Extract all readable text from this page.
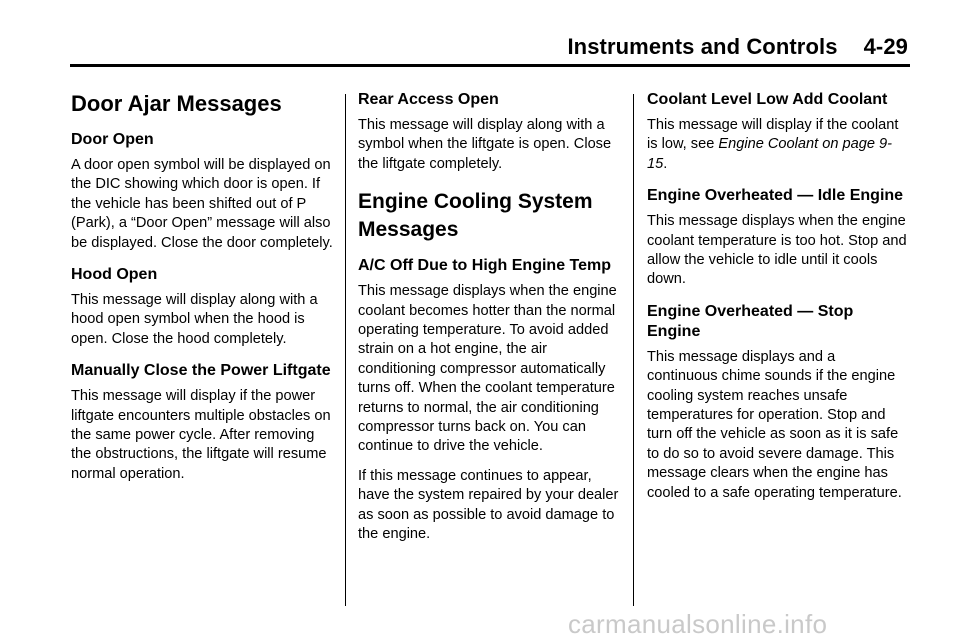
Instruments and Controls 4-29
Door Ajar Messages
Door Open

A door open symbol will be displayed on the DIC showing which door is open. If the vehicle has been shifted out of P (Park), a “Door Open” message will also be displayed. Close the door completely.

Hood Open

This message will display along with a hood open symbol when the hood is open. Close the hood completely.

Manually Close the Power Liftgate

This message will display if the power liftgate encounters multiple obstacles on the same power cycle. After removing the obstructions, the liftgate will resume normal operation.

Rear Access Open

This message will display along with a symbol when the liftgate is open. Close the liftgate completely.

Engine Cooling System Messages
A/C Off Due to High Engine Temp

This message displays when the engine coolant becomes hotter than the normal operating temperature. To avoid added strain on a hot engine, the air conditioning compressor automatically turns off. When the coolant temperature returns to normal, the air conditioning compressor turns back on. You can continue to drive the vehicle.

If this message continues to appear, have the system repaired by your dealer as soon as possible to avoid damage to the engine.

Coolant Level Low Add Coolant

This message will display if the coolant is low, see Engine Coolant on page 9-15.

Engine Overheated — Idle Engine

This message displays when the engine coolant temperature is too hot. Stop and allow the vehicle to idle until it cools down.

Engine Overheated — Stop Engine

This message displays and a continuous chime sounds if the engine cooling system reaches unsafe temperatures for operation. Stop and turn off the vehicle as soon as it is safe to do so to avoid severe damage. This message clears when the engine has cooled to a safe operating temperature.

carmanualsonline.info
